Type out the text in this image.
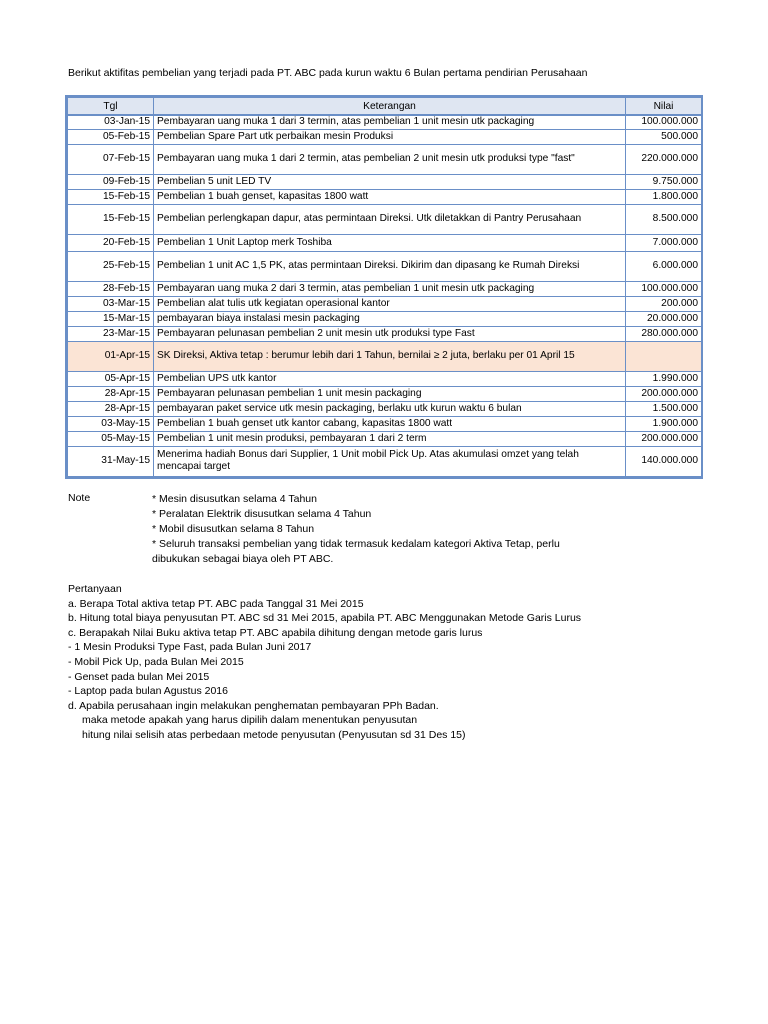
Berikut aktifitas pembelian yang terjadi pada PT. ABC pada kurun waktu 6 Bulan pertama pendirian Perusahaan
Tgl	Keterangan	Nilai
03-Jan-15	Pembayaran uang muka 1 dari 3 termin, atas pembelian 1 unit mesin utk packaging	100.000.000
05-Feb-15	Pembelian Spare Part utk perbaikan mesin Produksi	500.000
07-Feb-15	Pembayaran uang muka 1 dari 2 termin, atas pembelian 2 unit mesin utk produksi type "fast"	220.000.000
09-Feb-15	Pembelian 5 unit LED TV	9.750.000
15-Feb-15	Pembelian 1 buah genset, kapasitas 1800 watt	1.800.000
15-Feb-15	Pembelian perlengkapan dapur, atas permintaan Direksi. Utk diletakkan di Pantry Perusahaan	8.500.000
20-Feb-15	Pembelian 1 Unit Laptop merk Toshiba	7.000.000
25-Feb-15	Pembelian 1 unit AC 1,5 PK, atas permintaan Direksi. Dikirim dan dipasang ke Rumah Direksi	6.000.000
28-Feb-15	Pembayaran uang muka 2 dari 3 termin, atas pembelian 1 unit mesin utk packaging	100.000.000
03-Mar-15	Pembelian alat tulis utk kegiatan operasional kantor	200.000
15-Mar-15	pembayaran biaya instalasi mesin packaging	20.000.000
23-Mar-15	Pembayaran pelunasan pembelian 2 unit mesin utk produksi type Fast	280.000.000
01-Apr-15	SK Direksi, Aktiva tetap : berumur lebih dari 1 Tahun, bernilai ≥ 2 juta, berlaku per 01 April 15	
05-Apr-15	Pembelian UPS utk kantor	1.990.000
28-Apr-15	Pembayaran pelunasan pembelian 1 unit mesin packaging	200.000.000
28-Apr-15	pembayaran paket service utk mesin packaging, berlaku utk kurun waktu 6 bulan	1.500.000
03-May-15	Pembelian 1 buah genset utk kantor cabang, kapasitas 1800 watt	1.900.000
05-May-15	Pembelian 1 unit mesin produksi, pembayaran 1 dari 2 term	200.000.000
31-May-15	Menerima hadiah Bonus dari Supplier, 1 Unit mobil Pick Up. Atas akumulasi omzet yang telah mencapai target	140.000.000
Note	* Mesin disusutkan selama 4 Tahun
* Peralatan Elektrik disusutkan selama 4 Tahun
* Mobil disusutkan selama 8 Tahun
* Seluruh transaksi pembelian yang tidak termasuk kedalam kategori Aktiva Tetap, perlu
dibukukan sebagai biaya oleh PT ABC.
Pertanyaan
a. Berapa Total aktiva tetap PT. ABC pada Tanggal 31 Mei 2015
b. Hitung total biaya penyusutan PT. ABC sd 31 Mei 2015, apabila PT. ABC Menggunakan Metode Garis Lurus
c. Berapakah Nilai Buku aktiva tetap PT. ABC apabila dihitung dengan metode garis lurus
- 1 Mesin Produksi Type Fast, pada Bulan Juni 2017
- Mobil Pick Up, pada Bulan Mei 2015
- Genset pada bulan Mei 2015
- Laptop pada bulan Agustus 2016
d. Apabila perusahaan ingin melakukan penghematan pembayaran PPh Badan.
maka metode apakah yang harus dipilih dalam menentukan penyusutan
hitung nilai selisih atas perbedaan metode penyusutan (Penyusutan sd 31 Des 15)
